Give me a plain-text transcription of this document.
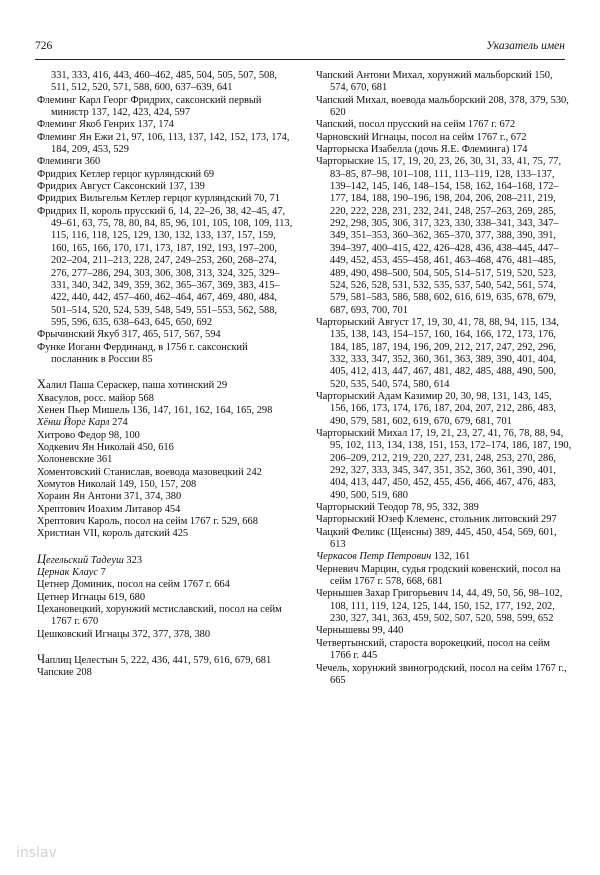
726	Указатель имен
331, 333, 416, 443, 460–462, 485, 504, 505, 507, 508, 511, 512, 520, 571, 588, 600, 637–639, 641
Флеминг Карл Георг Фридрих, саксонский первый министр 137, 142, 423, 424, 597
Флеминг Якоб Генрих 137, 174
Флеминг Ян Ежи 21, 97, 106, 113, 137, 142, 152, 173, 174, 184, 209, 453, 529
Флеминги 360
Фридрих Кетлер герцог курляндский 69
Фридрих Август Саксонский 137, 139
Фридрих Вильгельм Кетлер герцог курляндский 70, 71
Фридрих II, король прусский 6, 14, 22–26, 38, 42–45, 47, 49–61, 63, 75, 78, 80, 84, 85, 96, 101, 105, 108, 109, 113, 115, 116, 118, 125, 129, 130, 132, 133, 137, 157, 159, 160, 165, 166, 170, 171, 173, 187, 192, 193, 197–200, 202–204, 211–213, 228, 247, 249–253, 260, 268–274, 276, 277–286, 294, 303, 306, 308, 313, 324, 325, 329–331, 340, 342, 349, 359, 362, 365–367, 369, 383, 415–422, 440, 442, 457–460, 462–464, 467, 469, 480, 484, 501–514, 520, 524, 539, 548, 549, 551–553, 562, 588, 595, 596, 635, 638–643, 645, 650, 692
Фрычинский Якуб 317, 465, 517, 567, 594
Функе Иоганн Фердинанд, в 1756 г. саксонский посланник в России 85
Халил Паша Сераскер, паша хотинский 29
Хвасулов, росс. майор 568
Хенен Пьер Мишель 136, 147, 161, 162, 164, 165, 298
Хёнш Йорг Карл 274
Хитрово Федор 98, 100
Ходкевич Ян Николай 450, 616
Холоневские 361
Хоментовский Станислав, воевода мазовецкий 242
Хомутов Николай 149, 150, 157, 208
Хораин Ян Антони 371, 374, 380
Хрептович Иоахим Литавор 454
Хрептович Кароль, посол на сейм 1767 г. 529, 668
Христиан VII, король датский 425
Цегельский Тадеуш 323
Цернак Клаус 7
Цетнер Доминик, посол на сейм 1767 г. 664
Цетнер Игнацы 619, 680
Цехановецкий, хорунжий мстиславский, посол на сейм 1767 г. 670
Цешковский Игнацы 372, 377, 378, 380
Чаплиц Целестын 5, 222, 436, 441, 579, 616, 679, 681
Чапские 208
Чапский Антони Михал, хорунжий мальборский 150, 574, 670, 681
Чапский Михал, воевода мальборский 208, 378, 379, 530, 620
Чапский, посол прусский на сейм 1767 г. 672
Чарновский Игнацы, посол на сейм 1767 г., 672
Чарторыска Изабелла (дочь Я.Е. Флеминга) 174
Чарторыские 15, 17, 19, 20, 23, 26, 30, 31, 33, 41, 75, 77, 83–85, 87–98, 101–108, 111, 113–119, 128, 133–137, 139–142, 145, 146, 148–154, 158, 162, 164–168, 172–177, 184, 188, 190–196, 198, 204, 206, 208–211, 219, 220, 222, 228, 231, 232, 241, 248, 257–263, 269, 285, 292, 298, 305, 306, 317, 323, 330, 338–341, 343, 347–349, 351–353, 360–362, 365–370, 377, 388, 390, 391, 394–397, 400–415, 422, 426–428, 436, 438–445, 447–449, 452, 453, 455–458, 461, 463–468, 476, 481–485, 489, 490, 498–500, 504, 505, 514–517, 519, 520, 523, 524, 526, 528, 531, 532, 535, 537, 540, 542, 561, 574, 579, 581–583, 586, 588, 602, 616, 619, 635, 678, 679, 687, 693, 700, 701
Чарторыский Август 17, 19, 30, 41, 78, 88, 94, 115, 134, 135, 138, 143, 154–157, 160, 164, 166, 172, 173, 176, 184, 185, 187, 194, 196, 209, 212, 217, 247, 292, 296, 332, 333, 347, 352, 360, 361, 363, 389, 390, 401, 404, 405, 412, 413, 447, 467, 481, 482, 485, 488, 490, 500, 520, 535, 540, 574, 580, 614
Чарторыский Адам Казимир 20, 30, 98, 131, 143, 145, 156, 166, 173, 174, 176, 187, 204, 207, 212, 286, 483, 490, 579, 581, 602, 619, 670, 679, 681, 701
Чарторыский Михал 17, 19, 21, 23, 27, 41, 76, 78, 88, 94, 95, 102, 113, 134, 138, 151, 153, 172–174, 186, 187, 190, 206–209, 212, 219, 220, 227, 231, 248, 253, 270, 286, 292, 327, 333, 345, 347, 351, 352, 360, 361, 390, 401, 404, 413, 447, 450, 452, 455, 456, 466, 467, 476, 483, 490, 500, 519, 680
Чарторыский Теодор 78, 95, 332, 389
Чарторыский Юзеф Клеменс, стольник литовский 297
Чацкий Феликс (Щенсны) 389, 445, 450, 454, 569, 601, 613
Черкасов Петр Петрович 132, 161
Черневич Марцин, судья гродский ковенский, посол на сейм 1767 г. 578, 668, 681
Чернышев Захар Григорьевич 14, 44, 49, 50, 56, 98–102, 108, 111, 119, 124, 125, 144, 150, 152, 177, 192, 202, 230, 327, 341, 363, 459, 502, 507, 520, 598, 599, 652
Чернышевы 99, 440
Четвертынский, староста ворокецкий, посол на сейм 1766 г. 445
Чечель, хорунжий звиногродский, посол на сейм 1767 г., 665
inslav
